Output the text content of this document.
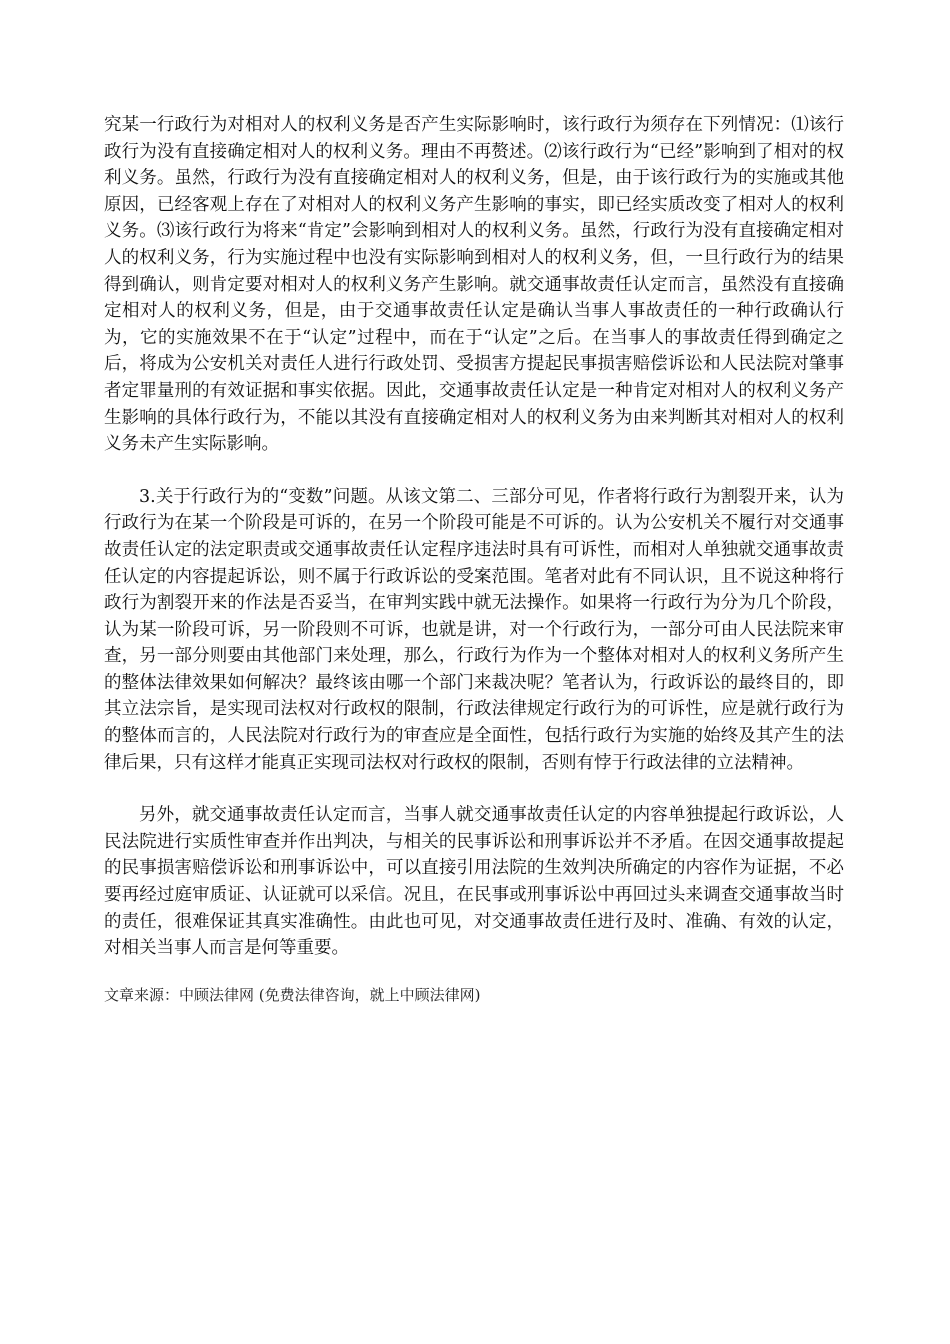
究某一行政行为对相对人的权利义务是否产生实际影响时，该行政行为须存在下列情况：⑴该行政行为没有直接确定相对人的权利义务。理由不再赘述。⑵该行政行为“已经”影响到了相对的权利义务。虽然，行政行为没有直接确定相对人的权利义务，但是，由于该行政行为的实施或其他原因，已经客观上存在了对相对人的权利义务产生影响的事实，即已经实质改变了相对人的权利义务。⑶该行政行为将来“肯定”会影响到相对人的权利义务。虽然，行政行为没有直接确定相对人的权利义务，行为实施过程中也没有实际影响到相对人的权利义务，但，一旦行政行为的结果得到确认，则肯定要对相对人的权利义务产生影响。就交通事故责任认定而言，虽然没有直接确定相对人的权利义务，但是，由于交通事故责任认定是确认当事人事故责任的一种行政确认行为，它的实施效果不在于“认定”过程中，而在于“认定”之后。在当事人的事故责任得到确定之后，将成为公安机关对责任人进行行政处罚、受损害方提起民事损害赔偿诉讼和人民法院对肇事者定罪量刑的有效证据和事实依据。因此，交通事故责任认定是一种肯定对相对人的权利义务产生影响的具体行政行为，不能以其没有直接确定相对人的权利义务为由来判断其对相对人的权利义务未产生实际影响。

3.关于行政行为的“变数”问题。从该文第二、三部分可见，作者将行政行为割裂开来，认为行政行为在某一个阶段是可诉的，在另一个阶段可能是不可诉的。认为公安机关不履行对交通事故责任认定的法定职责或交通事故责任认定程序违法时具有可诉性，而相对人单独就交通事故责任认定的内容提起诉讼，则不属于行政诉讼的受案范围。笔者对此有不同认识，且不说这种将行政行为割裂开来的作法是否妥当，在审判实践中就无法操作。如果将一行政行为分为几个阶段，认为某一阶段可诉，另一阶段则不可诉，也就是讲，对一个行政行为，一部分可由人民法院来审查，另一部分则要由其他部门来处理，那么，行政行为作为一个整体对相对人的权利义务所产生的整体法律效果如何解决？最终该由哪一个部门来裁决呢？笔者认为，行政诉讼的最终目的，即其立法宗旨，是实现司法权对行政权的限制，行政法律规定行政行为的可诉性，应是就行政行为的整体而言的，人民法院对行政行为的审查应是全面性，包括行政行为实施的始终及其产生的法律后果，只有这样才能真正实现司法权对行政权的限制，否则有悖于行政法律的立法精神。

另外，就交通事故责任认定而言，当事人就交通事故责任认定的内容单独提起行政诉讼，人民法院进行实质性审查并作出判决，与相关的民事诉讼和刑事诉讼并不矛盾。在因交通事故提起的民事损害赔偿诉讼和刑事诉讼中，可以直接引用法院的生效判决所确定的内容作为证据，不必要再经过庭审质证、认证就可以采信。况且，在民事或刑事诉讼中再回过头来调查交通事故当时的责任，很难保证其真实准确性。由此也可见，对交通事故责任进行及时、准确、有效的认定，对相关当事人而言是何等重要。

文章来源：中顾法律网 (免费法律咨询，就上中顾法律网)
